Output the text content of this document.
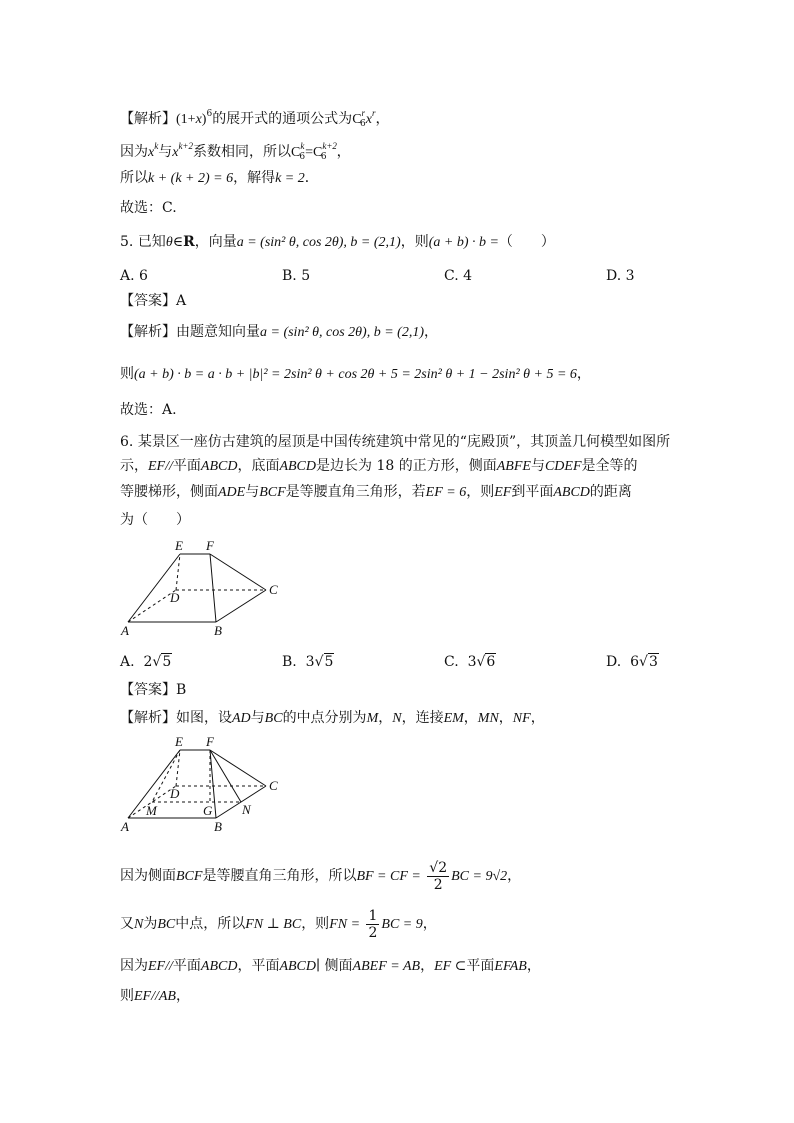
【解析】$(1+x)^6$的展开式的通项公式为$C^r_6x^r$，
因为$x^k$与$x^{k+2}$系数相同，所以$C^k_6=C^{k+2}_6$ ，
所以k + (k + 2) = 6，解得k = 2．
故选：C.
5. 已知θ∈R，向量a = (sin² θ, cos 2θ), b = (2,1)，则(a + b) · b =（　　）
A. 6	B. 5	C. 4	D. 3
【答案】A
【解析】由题意知向量a = (sin² θ, cos 2θ), b = (2,1)，
则(a + b) · b = a · b + |b|² = 2sin² θ + cos 2θ + 5 = 2sin² θ + 1 − 2sin² θ + 5 = 6，
故选：A.
6. 某景区一座仿古建筑的屋顶是中国传统建筑中常见的“庑殿顶”，其顶盖几何模型如图所
示，EF//平面ABCD，底面ABCD是边长为 18 的正方形，侧面ABFE与CDEF是全等的
等腰梯形，侧面ADE与BCF是等腰直角三角形，若EF = 6，则EF到平面ABCD的距离
为（　　）
E F
C
D
A	B
A. 2√5	B. 3√5	C. 3√6	D. 6√3
【答案】B
【解析】如图，设AD与BC的中点分别为M，N，连接EM，MN，NF，
E F
C
D
A	B
M	G N
因为侧面BCF是等腰直角三角形，所以BF = CF = $\frac{√2}{2}$ BC = 9√2，
又N为BC中点，所以FN ⊥ BC，则FN = $\frac{1}{2}$ BC = 9，
因为EF//平面ABCD，平面ABCD∣ 侧面ABEF = AB，EF ⊂平面EFAB，
则EF//AB，
